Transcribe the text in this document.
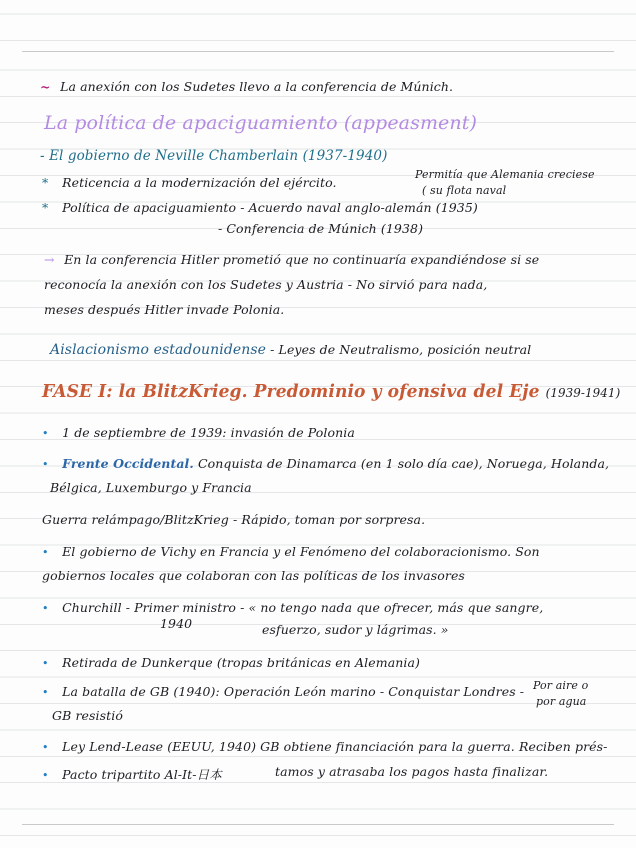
~ La anexión con los Sudetes llevo a la conferencia de Múnich.
La política de apaciguamiento (appeasment)
- El gobierno de Neville Chamberlain (1937-1940)
* Reticencia a la modernización del ejército.
Permitía que Alemania creciese
( su flota naval
* Política de apaciguamiento - Acuerdo naval anglo-alemán (1935)
- Conferencia de Múnich (1938)
→ En la conferencia Hitler prometió que no continuaría expandiéndose si se
reconocía la anexión con los Sudetes y Austria - No sirvió para nada,
meses después Hitler invade Polonia.
Aislacionismo estadounidense - Leyes de Neutralismo, posición neutral
FASE I: la BlitzKrieg. Predominio y ofensiva del Eje (1939-1941)
• 1 de septiembre de 1939: invasión de Polonia
• Frente Occidental. Conquista de Dinamarca (en 1 solo día cae), Noruega, Holanda,
Bélgica, Luxemburgo y Francia
Guerra relámpago/BlitzKrieg - Rápido, toman por sorpresa.
• El gobierno de Vichy en Francia y el Fenómeno del colaboracionismo. Son
gobiernos locales que colaboran con las políticas de los invasores
• Churchill - Primer ministro - « no tengo nada que ofrecer, más que sangre,
1940	esfuerzo, sudor y lágrimas. »
• Retirada de Dunkerque (tropas británicas en Alemania)
• La batalla de GB (1940): Operación León marino - Conquistar Londres - Por aire o
por agua
GB resistió
• Ley Lend-Lease (EEUU, 1940) GB obtiene financiación para la guerra. Reciben prés-
• Pacto tripartito Al-It-日本	tamos y atrasaba los pagos hasta finalizar.
